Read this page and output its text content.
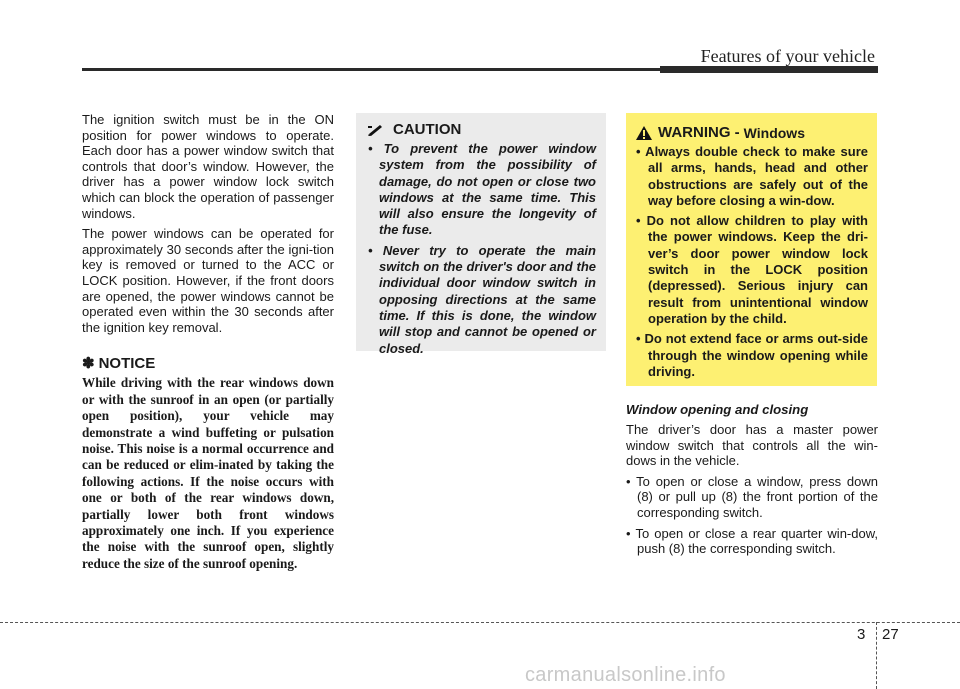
Features of your vehicle

The ignition switch must be in the ON position for power windows to operate. Each door has a power window switch that controls that door’s window. However, the driver has a power window lock switch which can block the operation of passenger windows.

The power windows can be operated for approximately 30 seconds after the igni-tion key is removed or turned to the ACC or LOCK position. However, if the front doors are opened, the power windows cannot be operated even within the 30 seconds after the ignition key removal.

✽ NOTICE

While driving with the rear windows down or with the sunroof in an open (or partially open position), your vehicle may demonstrate a wind buffeting or pulsation noise. This noise is a normal occurrence and can be reduced or elim-inated by taking the following actions. If the noise occurs with one or both of the rear windows down, partially lower both front windows approximately one inch. If you experience the noise with the sunroof open, slightly reduce the size of the sunroof opening.

CAUTION
• To prevent the power window system from the possibility of damage, do not open or close two windows at the same time. This will also ensure the longevity of the fuse.
• Never try to operate the main switch on the driver's door and the individual door window switch in opposing directions at the same time. If this is done, the window will stop and cannot be opened or closed.
WARNING - Windows
• Always double check to make sure all arms, hands, head and other obstructions are safely out of the way before closing a win-dow.
• Do not allow children to play with the power windows. Keep the dri-ver’s door power window lock switch in the LOCK position (depressed). Serious injury can result from unintentional window operation by the child.
• Do not extend face or arms out-side through the window opening while driving.

Window opening and closing

The driver’s door has a master power window switch that controls all the win-dows in the vehicle.

• To open or close a window, press down (8) or pull up (8) the front portion of the corresponding switch.
• To open or close a rear quarter win-dow, push (8) the corresponding switch.
3 27
carmanualsonline.info
